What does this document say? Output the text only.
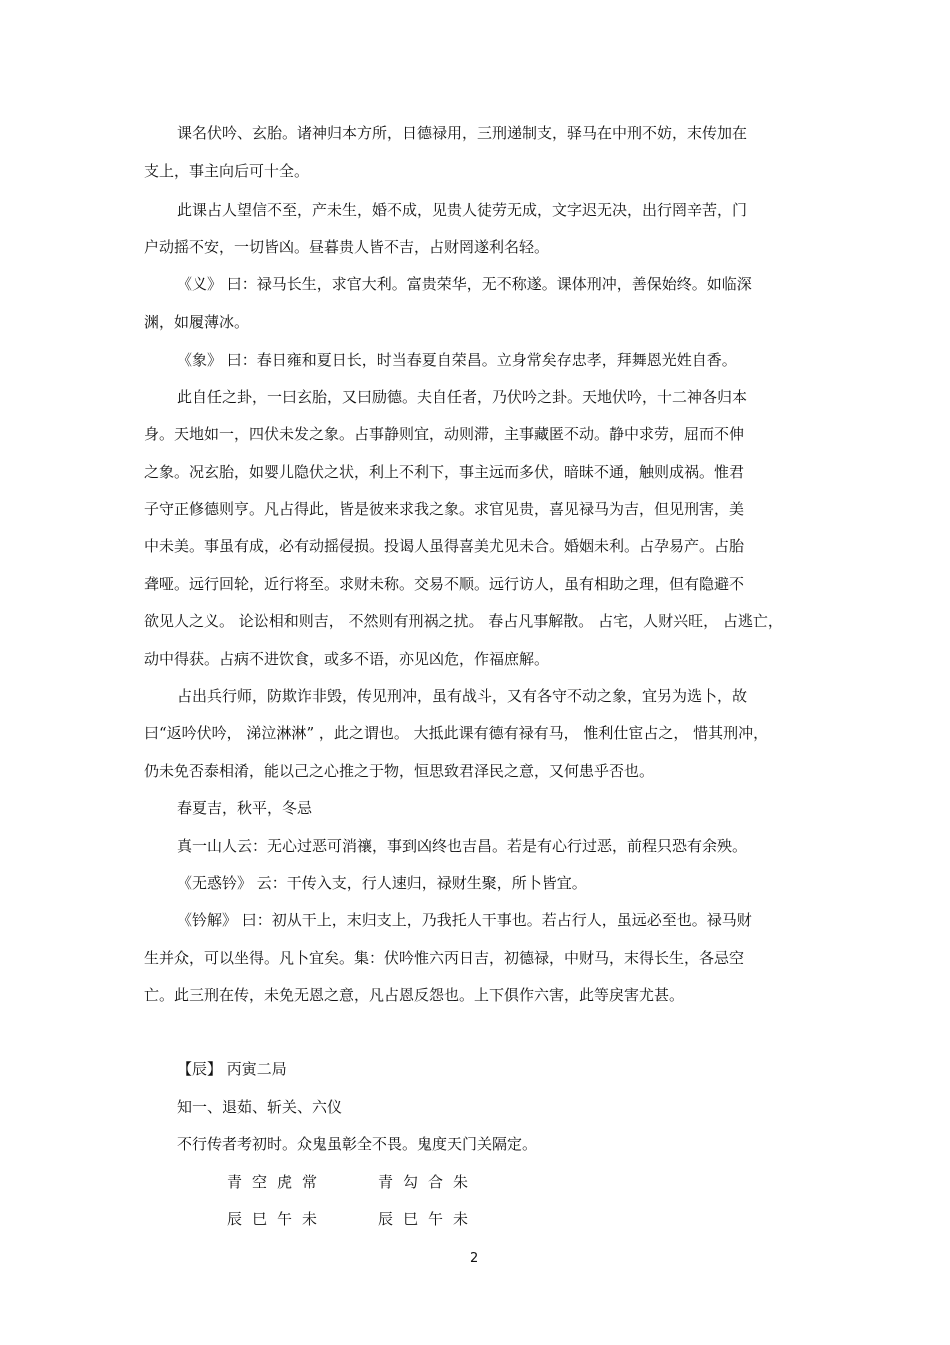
课名伏吟、玄胎。诸神归本方所，日德禄用，三刑递制支，驿马在中刑不妨，末传加在
支上，事主向后可十全。
此课占人望信不至，产未生，婚不成，见贵人徒劳无成，文字迟无决，出行罔辛苦，门
户动摇不安，一切皆凶。昼暮贵人皆不吉，占财罔遂利名轻。
《义》 曰：禄马长生，求官大利。富贵荣华，无不称遂。课体刑冲，善保始终。如临深
渊，如履薄冰。
《象》 曰：春日雍和夏日长，时当春夏自荣昌。立身常矣存忠孝，拜舞恩光姓自香。
此自任之卦，一曰玄胎，又曰励德。夫自任者，乃伏吟之卦。天地伏吟，十二神各归本
身。天地如一，四伏未发之象。占事静则宜，动则滞，主事藏匿不动。静中求劳，屈而不伸
之象。况玄胎，如婴儿隐伏之状，利上不利下，事主远而多伏，暗昧不通，触则成祸。惟君
子守正修德则亨。凡占得此，皆是彼来求我之象。求官见贵，喜见禄马为吉，但见刑害，美
中未美。事虽有成，必有动摇侵损。投谒人虽得喜美尤见未合。婚姻未利。占孕易产。占胎
聋哑。远行回轮，近行将至。求财未称。交易不顺。远行访人，虽有相助之理，但有隐避不
欲见人之义。 论讼相和则吉， 不然则有刑祸之扰。 春占凡事解散。 占宅，人财兴旺， 占逃亡，
动中得获。占病不进饮食，或多不语，亦见凶危，作福庶解。
占出兵行师，防欺诈非毁，传见刑冲，虽有战斗，又有各守不动之象，宜另为选卜，故
曰“返吟伏吟， 涕泣淋淋” ，此之谓也。 大抵此课有德有禄有马， 惟利仕宦占之， 惜其刑冲，
仍未免否泰相淆，能以己之心推之于物，恒思致君泽民之意，又何患乎否也。
春夏吉，秋平，冬忌
真一山人云：无心过恶可消禳，事到凶终也吉昌。若是有心行过恶，前程只恐有余殃。
《无惑钤》 云：干传入支，行人速归，禄财生聚，所卜皆宜。
《钤解》 曰：初从干上，末归支上，乃我托人干事也。若占行人，虽远必至也。禄马财
生并众，可以坐得。凡卜宜矣。集：伏吟惟六丙日吉，初德禄，中财马，末得长生，各忌空
亡。此三刑在传，未免无恩之意，凡占恩反怨也。上下俱作六害，此等戾害尤甚。
【辰】 丙寅二局
知一、退茹、斩关、六仪
不行传者考初时。众鬼虽彰全不畏。鬼度天门关隔定。
青空虎常	青勾合朱
辰巳午未	辰巳午未
2
